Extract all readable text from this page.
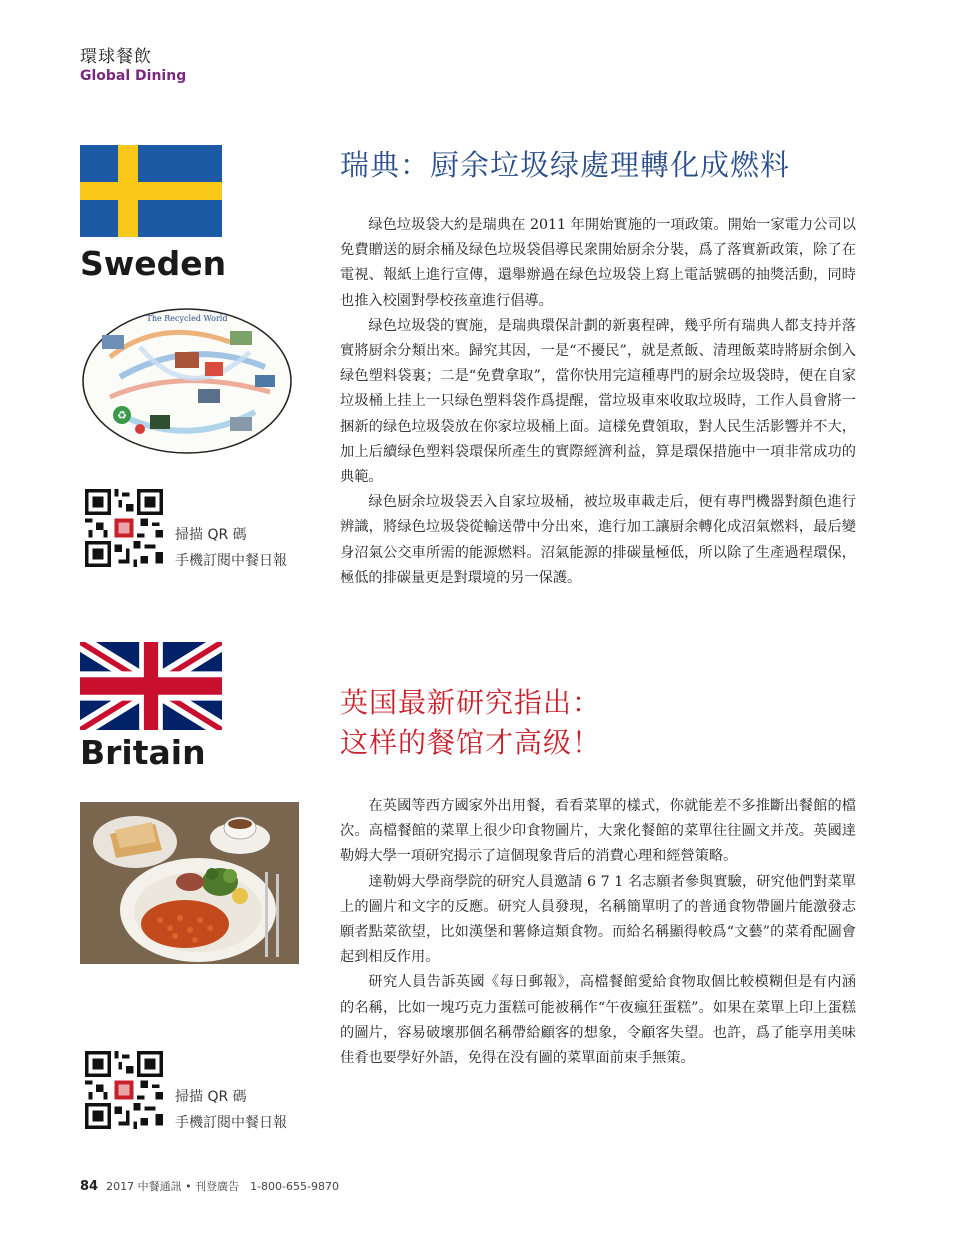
環球餐飲
Global Dining
Sweden
The Recycled World
♻
瑞典：厨余垃圾绿處理轉化成燃料

绿色垃圾袋大約是瑞典在 2011 年開始實施的一項政策。開始一家電力公司以免費贈送的厨余桶及绿色垃圾袋倡導民衆開始厨余分裝，爲了落實新政策，除了在電視、報紙上進行宣傳，還舉辦過在绿色垃圾袋上寫上電話號碼的抽獎活動，同時也推入校園對學校孩童進行倡導。

绿色垃圾袋的實施，是瑞典環保計劃的新裏程碑，幾乎所有瑞典人都支持并落實將厨余分類出來。歸究其因，一是“不擾民”，就是煮飯、清理飯菜時將厨余倒入绿色塑料袋裏；二是“免費拿取”，當你快用完這種專門的厨余垃圾袋時，便在自家垃圾桶上挂上一只绿色塑料袋作爲提醒，當垃圾車來收取垃圾時，工作人員會將一捆新的绿色垃圾袋放在你家垃圾桶上面。這樣免費領取，對人民生活影響并不大，加上后續绿色塑料袋環保所產生的實際經濟利益，算是環保措施中一項非常成功的典範。

绿色厨余垃圾袋丟入自家垃圾桶，被垃圾車載走后，便有專門機器對顏色進行辨識，將绿色垃圾袋從輸送帶中分出來，進行加工讓厨余轉化成沼氣燃料，最后變身沼氣公交車所需的能源燃料。沼氣能源的排碳量極低，所以除了生產過程環保，極低的排碳量更是對環境的另一保護。

掃描 QR 碼
手機訂閱中餐日報
Britain
英国最新研究指出：
这样的餐馆才高级！

在英國等西方國家外出用餐，看看菜單的樣式，你就能差不多推斷出餐館的檔次。高檔餐館的菜單上很少印食物圖片，大衆化餐館的菜單往往圖文并茂。英國達勒姆大學一項研究揭示了這個現象背后的消費心理和經營策略。

達勒姆大學商學院的研究人員邀請 6 7 1 名志願者參與實驗，研究他們對菜單上的圖片和文字的反應。研究人員發現，名稱簡單明了的普通食物帶圖片能激發志願者點菜欲望，比如漢堡和薯條這類食物。而給名稱顯得較爲“文藝”的菜肴配圖會起到相反作用。

研究人員告訴英國《每日郵報》，高檔餐館愛給食物取個比較模糊但是有内涵的名稱，比如一塊巧克力蛋糕可能被稱作“午夜瘋狂蛋糕”。如果在菜單上印上蛋糕的圖片，容易破壞那個名稱帶給顧客的想象，令顧客失望。也許，爲了能享用美味佳肴也要學好外語，免得在没有圖的菜單面前束手無策。

掃描 QR 碼
手機訂閱中餐日報
84 2017 中餐通訊 • 刊登廣告　1-800-655-9870
